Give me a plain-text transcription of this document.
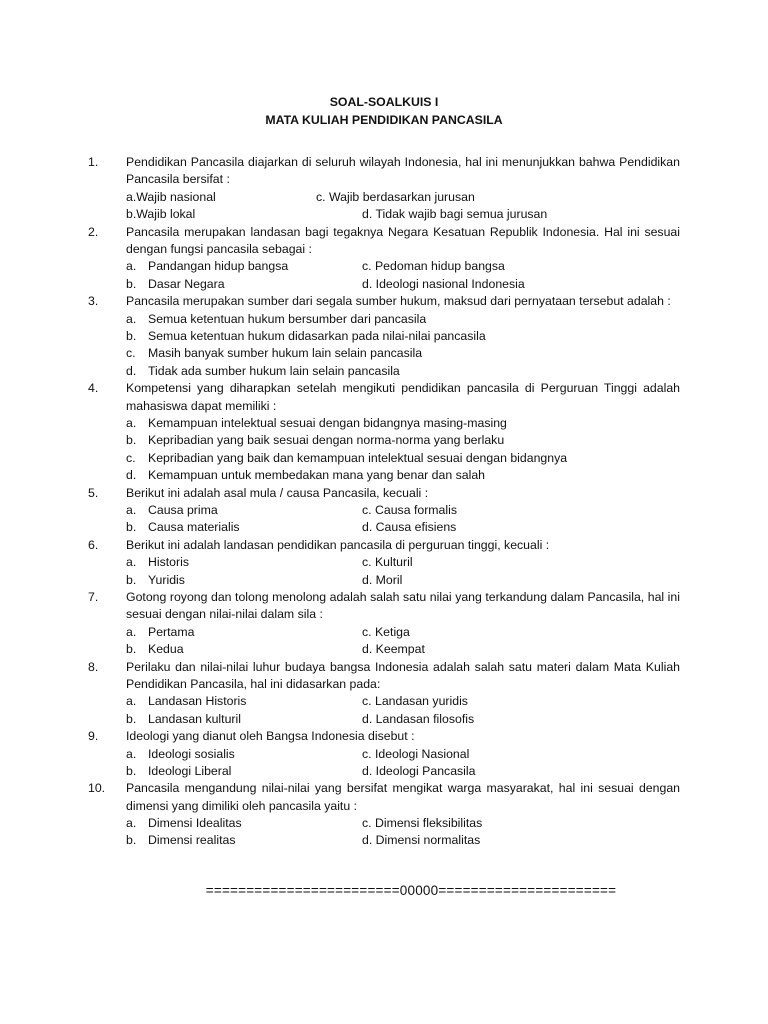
SOAL-SOALKUIS I
MATA KULIAH PENDIDIKAN PANCASILA
1.	Pendidikan Pancasila diajarkan di seluruh wilayah Indonesia, hal ini menunjukkan bahwa Pendidikan Pancasila bersifat :
a.Wajib nasional	c. Wajib berdasarkan jurusan
b.Wajib lokal	d. Tidak wajib bagi semua jurusan
2.	Pancasila merupakan landasan bagi tegaknya Negara Kesatuan Republik Indonesia. Hal ini sesuai dengan fungsi pancasila sebagai :
a. Pandangan hidup bangsa	c. Pedoman hidup bangsa
b. Dasar Negara	d. Ideologi nasional Indonesia
3.	Pancasila merupakan sumber dari segala sumber hukum, maksud dari pernyataan tersebut adalah :
a. Semua ketentuan hukum bersumber dari pancasila
b. Semua ketentuan hukum didasarkan pada nilai-nilai pancasila
c. Masih banyak sumber hukum lain selain pancasila
d. Tidak ada sumber hukum lain selain pancasila
4.	Kompetensi yang diharapkan setelah mengikuti pendidikan pancasila di Perguruan Tinggi adalah mahasiswa dapat memiliki :
a. Kemampuan intelektual sesuai dengan bidangnya masing-masing
b. Kepribadian yang baik sesuai dengan norma-norma yang berlaku
c. Kepribadian yang baik dan kemampuan intelektual sesuai dengan bidangnya
d. Kemampuan untuk membedakan mana yang benar dan salah
5.	Berikut ini adalah asal mula / causa Pancasila, kecuali :
a. Causa prima	c. Causa formalis
b. Causa materialis	d. Causa efisiens
6.	Berikut ini adalah landasan pendidikan pancasila di perguruan tinggi, kecuali :
a. Historis	c. Kulturil
b. Yuridis	d. Moril
7.	Gotong royong dan tolong menolong adalah salah satu nilai yang terkandung dalam Pancasila, hal ini sesuai dengan nilai-nilai dalam sila :
a. Pertama	c. Ketiga
b. Kedua	d. Keempat
8.	Perilaku dan nilai-nilai luhur budaya bangsa Indonesia adalah salah satu materi dalam Mata Kuliah Pendidikan Pancasila, hal ini didasarkan pada:
a. Landasan Historis	c. Landasan yuridis
b. Landasan kulturil	d. Landasan filosofis
9.	Ideologi yang dianut oleh Bangsa Indonesia disebut :
a. Ideologi sosialis	c. Ideologi Nasional
b. Ideologi Liberal	d. Ideologi Pancasila
10.	Pancasila mengandung nilai-nilai yang bersifat mengikat warga masyarakat, hal ini sesuai dengan dimensi yang dimiliki oleh pancasila yaitu :
a. Dimensi Idealitas	c. Dimensi fleksibilitas
b. Dimensi realitas	d. Dimensi normalitas
========================00000======================
